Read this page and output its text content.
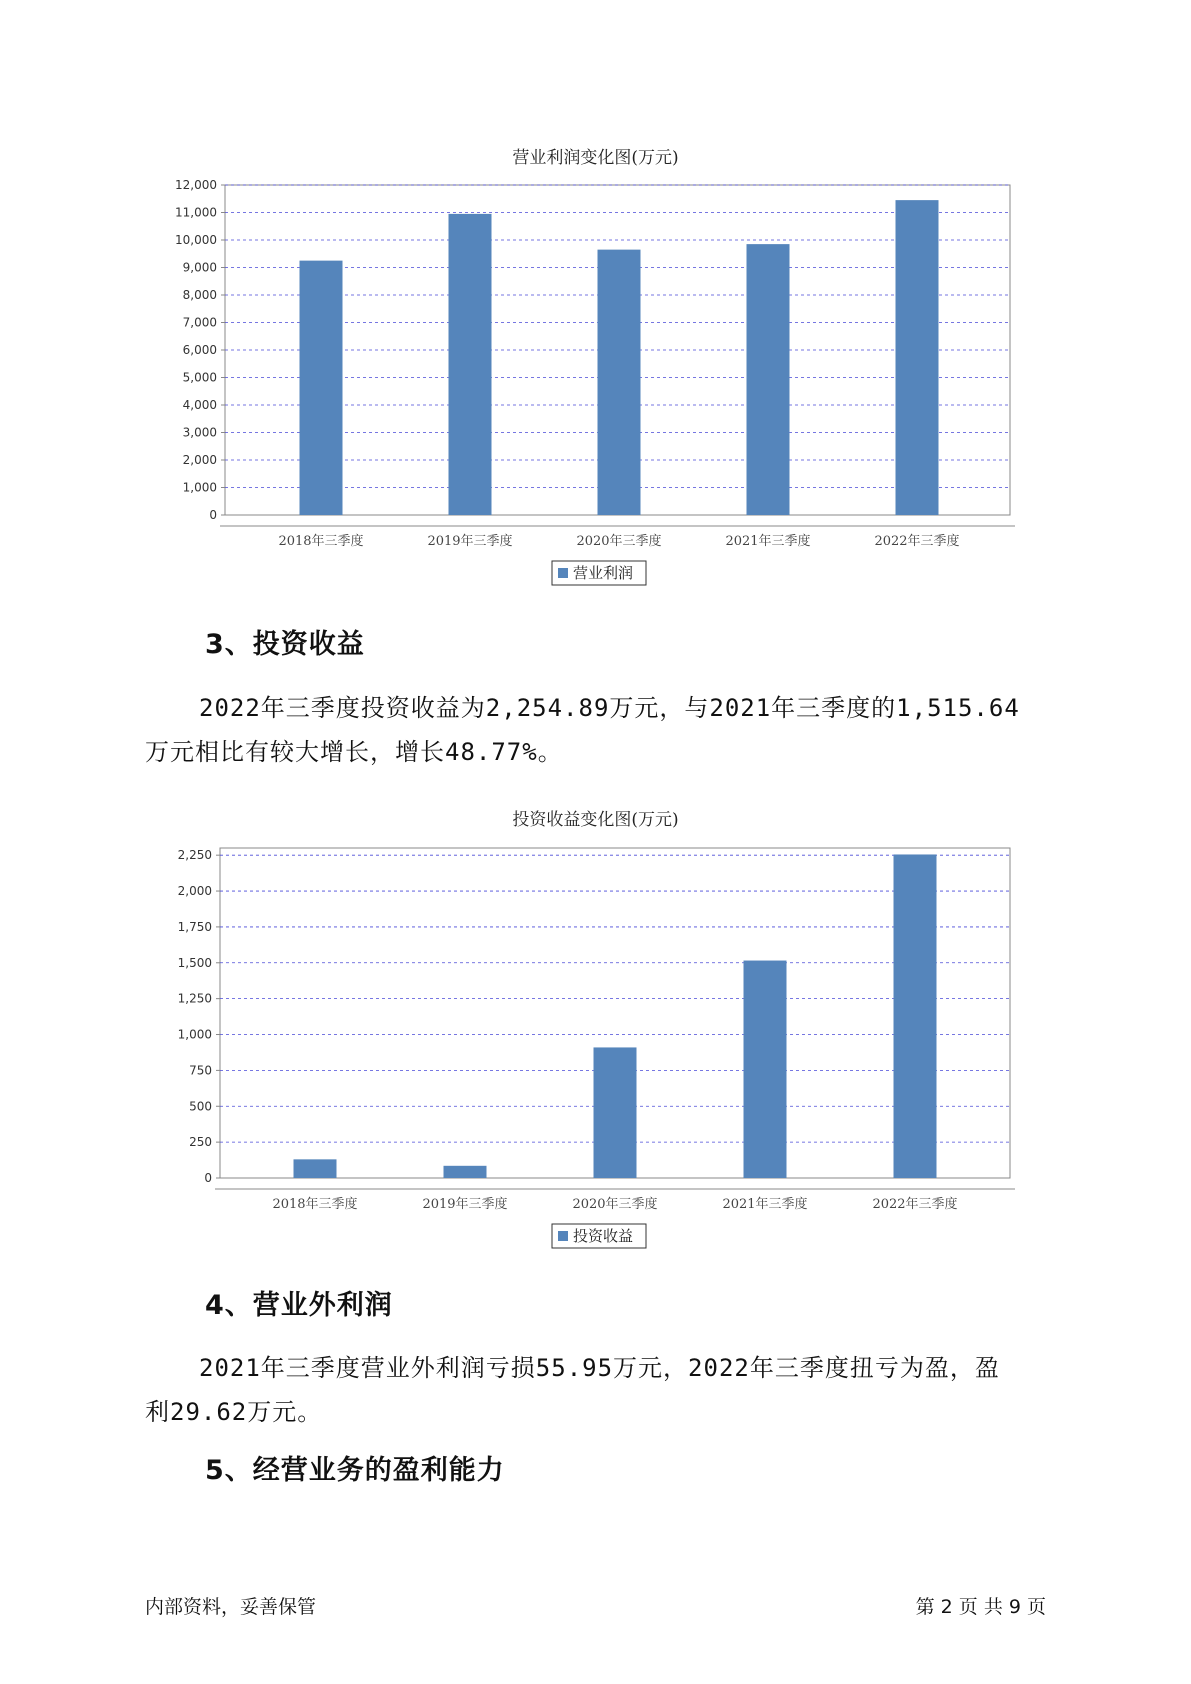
营业利润变化图(万元)
0
1,000
2,000
3,000
4,000
5,000
6,000
7,000
8,000
9,000
10,000
11,000
12,000
2018年三季度	2019年三季度	2020年三季度	2021年三季度	2022年三季度
营业利润
3、投资收益
2022年三季度投资收益为2,254.89万元，与2021年三季度的1,515.64
万元相比有较大增长，增长48.77%。
投资收益变化图(万元)
0
250
500
750
1,000
1,250
1,500
1,750
2,000
2,250
2018年三季度	2019年三季度	2020年三季度	2021年三季度	2022年三季度
投资收益
4、营业外利润
2021年三季度营业外利润亏损55.95万元，2022年三季度扭亏为盈，盈
利29.62万元。
5、经营业务的盈利能力
内部资料，妥善保管	第 2 页 共 9 页
